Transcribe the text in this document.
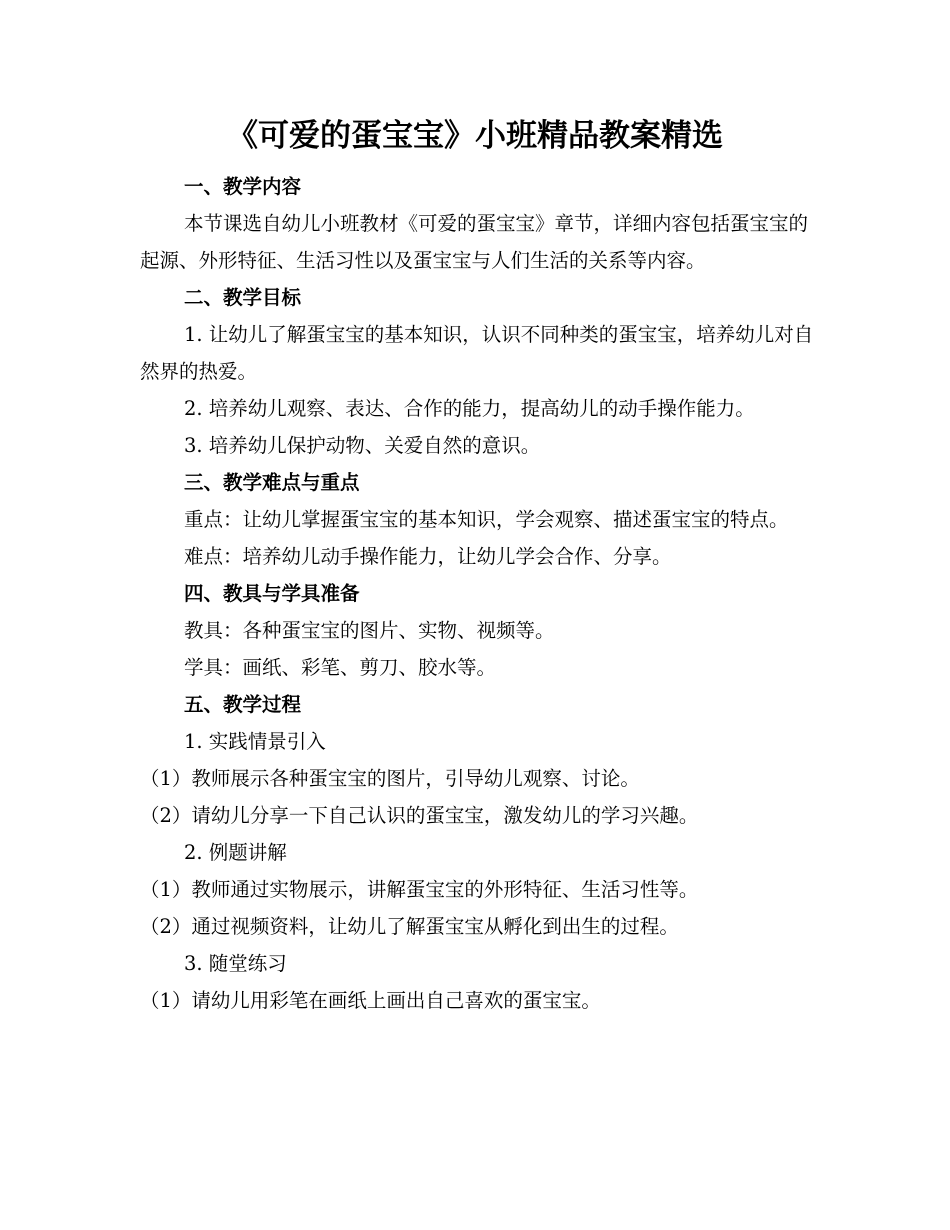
《可爱的蛋宝宝》小班精品教案精选

一、教学内容

本节课选自幼儿小班教材《可爱的蛋宝宝》章节，详细内容包括蛋宝宝的起源、外形特征、生活习性以及蛋宝宝与人们生活的关系等内容。

二、教学目标

1. 让幼儿了解蛋宝宝的基本知识，认识不同种类的蛋宝宝，培养幼儿对自然界的热爱。

2. 培养幼儿观察、表达、合作的能力，提高幼儿的动手操作能力。

3. 培养幼儿保护动物、关爱自然的意识。

三、教学难点与重点

重点：让幼儿掌握蛋宝宝的基本知识，学会观察、描述蛋宝宝的特点。

难点：培养幼儿动手操作能力，让幼儿学会合作、分享。

四、教具与学具准备

教具：各种蛋宝宝的图片、实物、视频等。

学具：画纸、彩笔、剪刀、胶水等。

五、教学过程

1. 实践情景引入

（1）教师展示各种蛋宝宝的图片，引导幼儿观察、讨论。

（2）请幼儿分享一下自己认识的蛋宝宝，激发幼儿的学习兴趣。

2. 例题讲解

（1）教师通过实物展示，讲解蛋宝宝的外形特征、生活习性等。

（2）通过视频资料，让幼儿了解蛋宝宝从孵化到出生的过程。

3. 随堂练习

（1）请幼儿用彩笔在画纸上画出自己喜欢的蛋宝宝。
